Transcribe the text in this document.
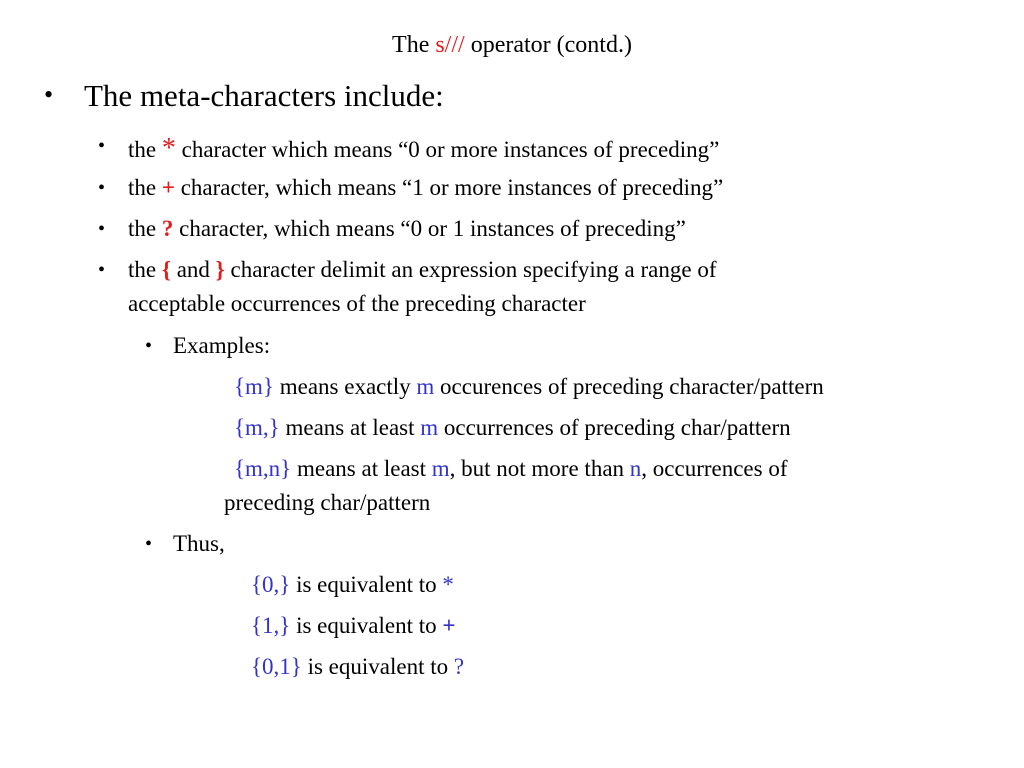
The s/// operator (contd.)
• The meta-characters include:
• the * character which means “0 or more instances of preceding”
• the + character, which means “1 or more instances of preceding”
• the ? character, which means “0 or 1 instances of preceding”
• the { and } character delimit an expression specifying a range of
acceptable occurrences of the preceding character
• Examples:
{m} means exactly m occurences of preceding character/pattern
{m,} means at least m occurrences of preceding char/pattern
{m,n} means at least m, but not more than n, occurrences of
preceding char/pattern
• Thus,
{0,} is equivalent to *
{1,} is equivalent to +
{0,1} is equivalent to ?
